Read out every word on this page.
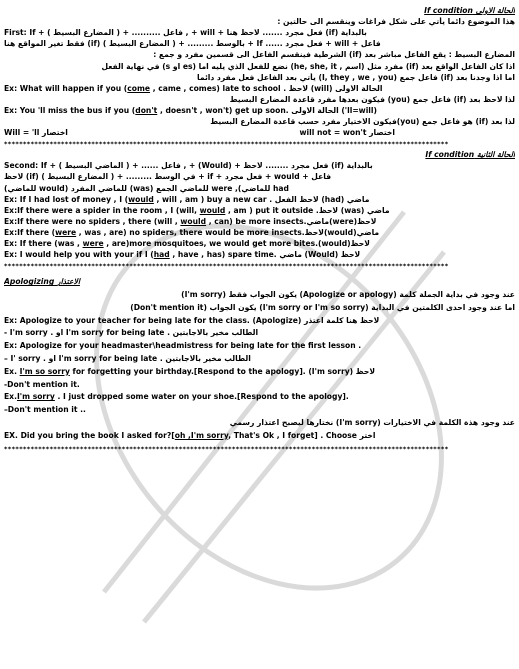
الحالة الاولى If condition
هذا الموضوع دائما يأتي على شكل فراغات وينقسم الى حالتين :
First: If + ( المضارع البسيط ) + .......... فاعل , + will + فعل مجرد ....... لاحظ هنا (if) بالبداية
فقط تغير المواقع هنا (if) بالوسط ......... + ( المضارع البسيط ) + If ...... فعل مجرد + will + فاعل
المضارع البسيط : يقع الفاعل مباشر بعد (if) الشرطية فينقسم الفاعل الى قسمين مفرد و جمع :
اذا كان الفاعل الواقع بعد (if) مفرد مثل (اسم , he, she, it) نضع للفعل الذي يليه اما (es او s) في نهاية الفعل
اما اذا وجدنا بعد (if) فاعل جمع (I, they , we , you) يأتي بعد الفاعل فعل مفرد دائما
Ex: What will happen if you (come , came , comes) late to school . لاحظ (will) الحالة الاولى
لذا لاحظ بعد (if) فاعل جمع (you) فيكون بعدها مفرد قاعدة المضارع البسيط
Ex: You 'll miss the bus if you (don't , doesn't , won't) get up soon. الحالة الاولى ('ll=will)
لذا بعد (if) هو فاعل جمع (you)فيكون الاختيار مفرد حسب قاعدة المضارع البسيط
Will = 'll اختصار	will not = won't اختصار
*********************************************************************************************************************
الحالة الثانية If condition
Second: If + ( الماضي البسيط ) + ...... فاعل , + (Would) + فعل مجرد ........ لاحظ (if) بالبداية
لاحظ (if) في الوسط ......... + ( المضارع البسيط ) + if + فعل مجرد + would + فاعل
(للماضي would) للماضي المفرد (was) للماضي الجمع were ,(للماضي had
Ex: If I had lost of money , I (would , will , am ) buy a new car . لاحظ الفعل (had) ماضي
Ex:If there were a spider in the room , I (will, would , am ) put it outside .لاحظ (was) ماضي
Ex:If there were no spiders , there (will , would , can) be more insects.ماضي(were)لاحظ
Ex:If there (were , was , are) no spiders, there would be more insects.لاحظ(would)ماضي
Ex: If there (was , were , are)more mosquitoes, we would get more bites.(would)لاحظ
Ex: I would help you with your if I (had , have , has) spare time. ماضي (Would) لاحظ
*********************************************************************************************************************
Apologizing الاعتذار
عند وجود في بداية الجملة كلمة (Apologize or apology) يكون الجواب فقط (I'm sorry)
اما عند وجود احدى الكلمتين في البداية (I'm sorry or I'm so sorry) يكون الجواب (Don't mention it)
Ex: Apologize to your teacher for being late for the class. (Apologize) لاحظ هنا كلمة اعتذر
- I'm sorry . او I'm sorry for being late . الطالب مخير بالاجابتين
Ex: Apologize for your headmaster\headmistress for being late for the first lesson .
– I' sorry . او I'm sorry for being late . الطالب مخير بالاجابتين
Ex. I'm so sorry for forgetting your birthday.[Respond to the apology]. (I'm sorry) لاحظ
-Don't mention it.
Ex.I'm sorry . I just dropped some water on your shoe.[Respond to the apology].
–Don't mention it ..
عند وجود هذة الكلمة في الاختيارات (I'm sorry) نختارها ليصبح اعتذار رسمي
EX. Did you bring the book I asked for?[oh ,I'm sorry, That's Ok , I forget] . Choose اختر
*********************************************************************************************************************
